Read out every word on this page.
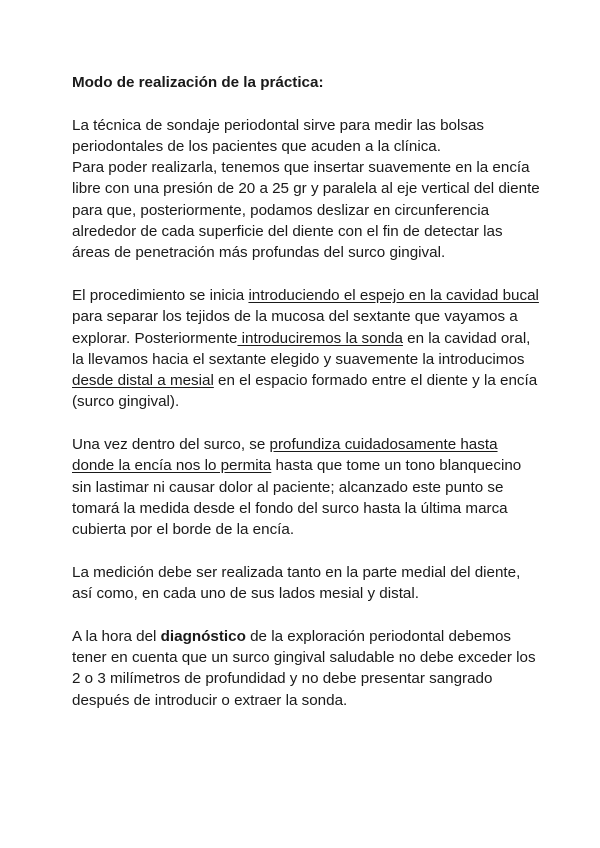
Modo de realización de la práctica:

La técnica de sondaje periodontal sirve para medir las bolsas periodontales de los pacientes que acuden a la clínica.
Para poder realizarla, tenemos que insertar suavemente en la encía libre con una presión de 20 a 25 gr y paralela al eje vertical del diente para que, posteriormente, podamos deslizar en circunferencia alrededor de cada superficie del diente con el fin de detectar las áreas de penetración más profundas del surco gingival.

El procedimiento se inicia introduciendo el espejo en la cavidad bucal para separar los tejidos de la mucosa del sextante que vayamos a explorar. Posteriormente introduciremos la sonda en la cavidad oral, la llevamos hacia el sextante elegido y suavemente la introducimos desde distal a mesial en el espacio formado entre el diente y la encía (surco gingival).

Una vez dentro del surco, se profundiza cuidadosamente hasta donde la encía nos lo permita hasta que tome un tono blanquecino sin lastimar ni causar dolor al paciente; alcanzado este punto se tomará la medida desde el fondo del surco hasta la última marca cubierta por el borde de la encía.

La medición debe ser realizada tanto en la parte medial del diente, así como, en cada uno de sus lados mesial y distal.

A la hora del diagnóstico de la exploración periodontal debemos tener en cuenta que un surco gingival saludable no debe exceder los 2 o 3 milímetros de profundidad y no debe presentar sangrado después de introducir o extraer la sonda.
